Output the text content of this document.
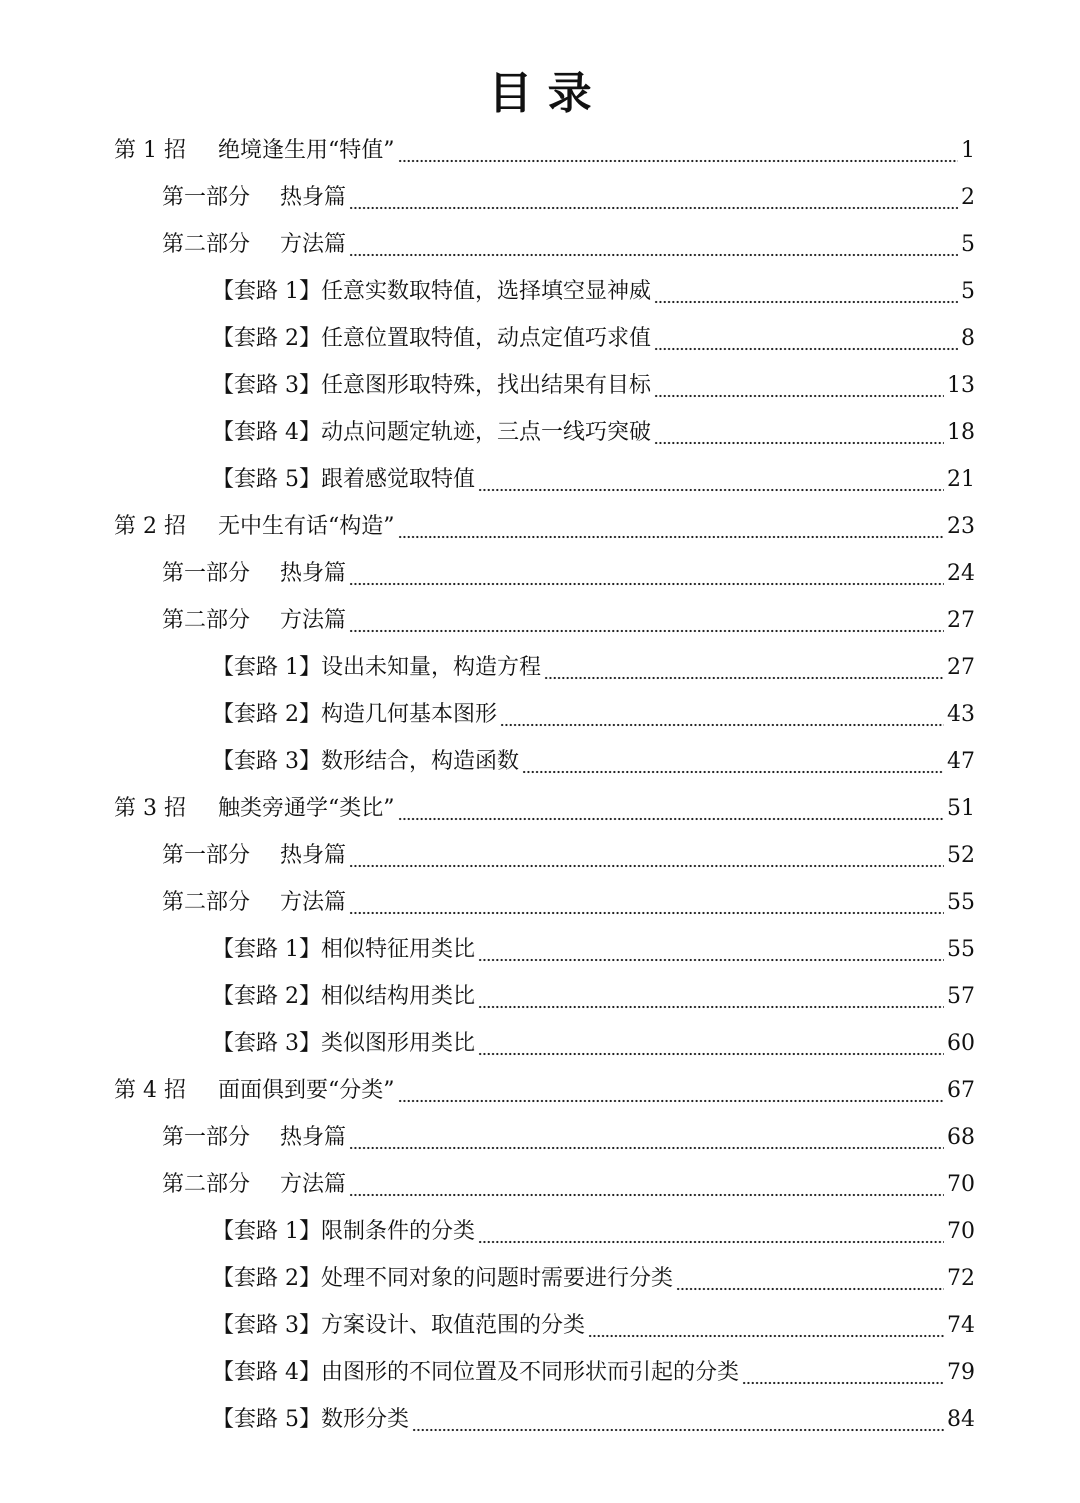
目 录
第 1 招 绝境逢生用“特值”	1
第一部分 热身篇	2
第二部分 方法篇	5
【套路 1】任意实数取特值，选择填空显神威	5
【套路 2】任意位置取特值，动点定值巧求值	8
【套路 3】任意图形取特殊，找出结果有目标	13
【套路 4】动点问题定轨迹，三点一线巧突破	18
【套路 5】跟着感觉取特值	21
第 2 招 无中生有话“构造”	23
第一部分 热身篇	24
第二部分 方法篇	27
【套路 1】设出未知量，构造方程	27
【套路 2】构造几何基本图形	43
【套路 3】数形结合，构造函数	47
第 3 招 触类旁通学“类比”	51
第一部分 热身篇	52
第二部分 方法篇	55
【套路 1】相似特征用类比	55
【套路 2】相似结构用类比	57
【套路 3】类似图形用类比	60
第 4 招 面面俱到要“分类”	67
第一部分 热身篇	68
第二部分 方法篇	70
【套路 1】限制条件的分类	70
【套路 2】处理不同对象的问题时需要进行分类	72
【套路 3】方案设计、取值范围的分类	74
【套路 4】由图形的不同位置及不同形状而引起的分类	79
【套路 5】数形分类	84
